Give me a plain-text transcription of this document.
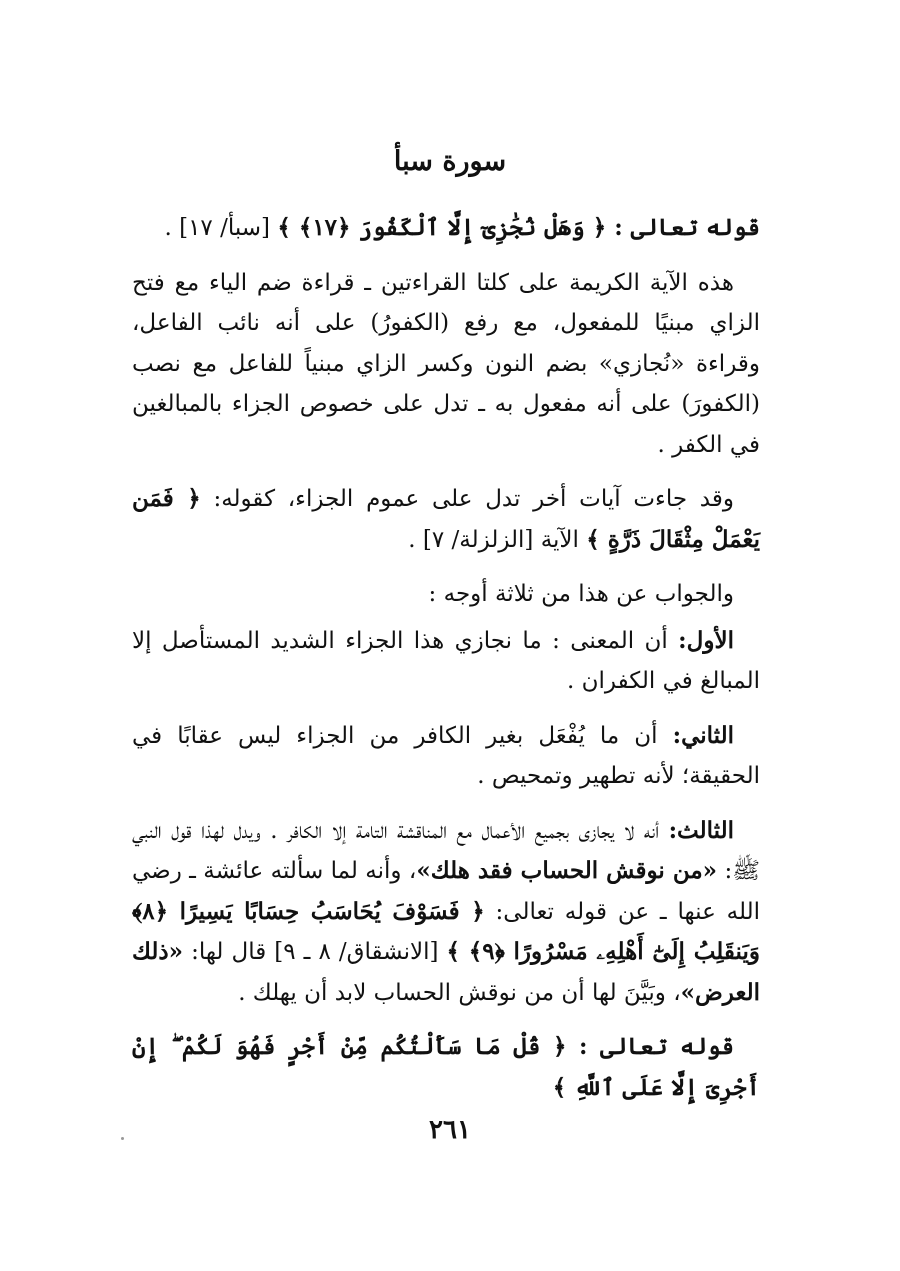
سورة سبأ

قوله تعالى : ﴿ وَهَلْ نُجَٰزِىٓ إِلَّا ٱلْكَفُورَ ﴿١٧﴾ ﴾ [سبأ/ ١٧] .

هذه الآية الكريمة على كلتا القراءتين ـ قراءة ضم الياء مع فتح الزاي مبنيًا للمفعول، مع رفع (الكفورُ) على أنه نائب الفاعل، وقراءة «نُجازي» بضم النون وكسر الزاي مبنياً للفاعل مع نصب (الكفورَ) على أنه مفعول به ـ تدل على خصوص الجزاء بالمبالغين في الكفر .

وقد جاءت آيات أخر تدل على عموم الجزاء، كقوله: ﴿ فَمَن يَعْمَلْ مِثْقَالَ ذَرَّةٍ ﴾ الآية [الزلزلة/ ٧] .

والجواب عن هذا من ثلاثة أوجه :

الأول: أن المعنى : ما نجازي هذا الجزاء الشديد المستأصل إلا المبالغ في الكفران .

الثاني: أن ما يُفْعَل بغير الكافر من الجزاء ليس عقابًا في الحقيقة؛ لأنه تطهير وتمحيص .

الثالث: أنه لا يجازى بجميع الأعمال مع المناقشة التامة إلا الكافر . ويدل لهذا قول النبي ﷺ: «من نوقش الحساب فقد هلك»، وأنه لما سألته عائشة ـ رضي الله عنها ـ عن قوله تعالى: ﴿ فَسَوْفَ يُحَاسَبُ حِسَابًا يَسِيرًا ﴿٨﴾ وَيَنقَلِبُ إِلَىٰٓ أَهْلِهِۦ مَسْرُورًا ﴿٩﴾ ﴾ [الانشقاق/ ٨ ـ ٩] قال لها: «ذلك العرض»، وبَيَّنَ لها أن من نوقش الحساب لابد أن يهلك .

قوله تعالى : ﴿ قُلْ مَا سَأَلْتُكُم مِّنْ أَجْرٍ فَهُوَ لَكُمْ ۖ إِنْ أَجْرِىَ إِلَّا عَلَى ٱللَّهِ ﴾

٢٦١
